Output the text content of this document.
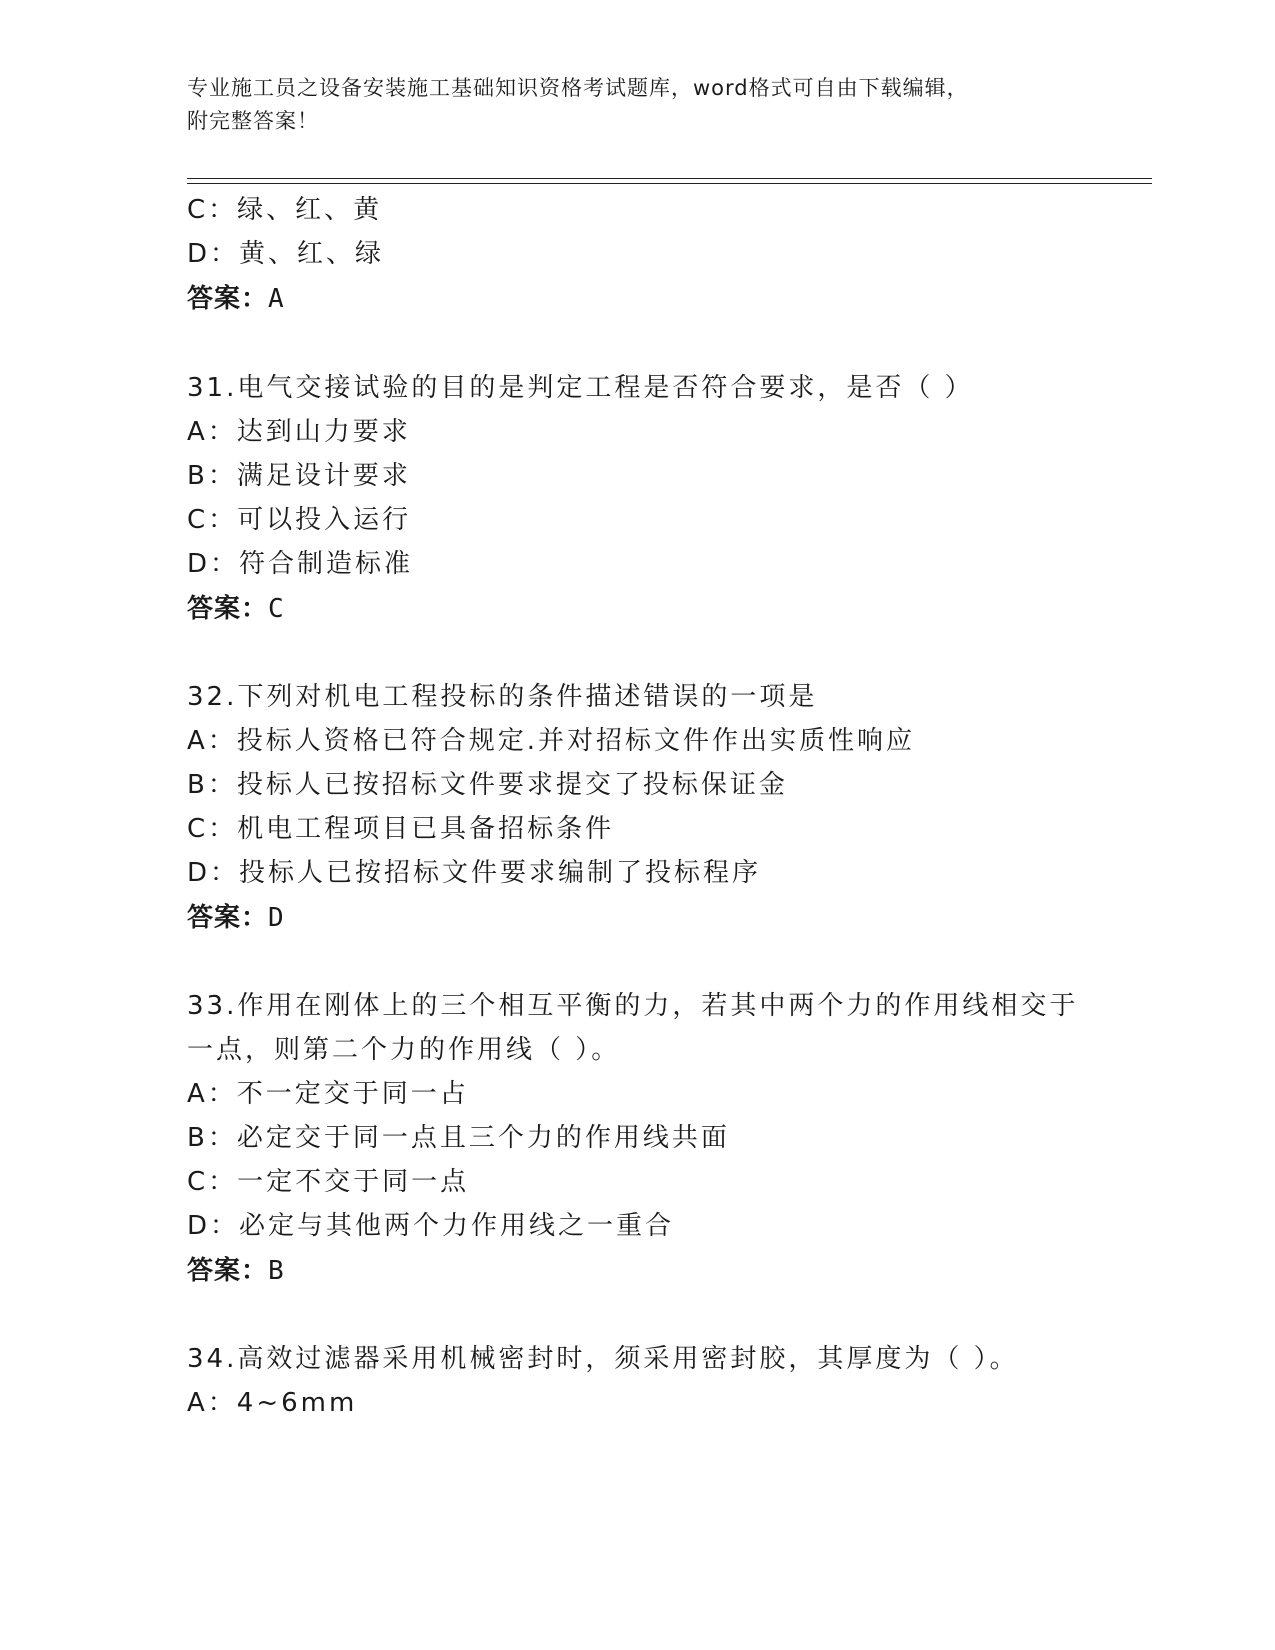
专业施工员之设备安装施工基础知识资格考试题库，word格式可自由下载编辑，
附完整答案！
C：绿、红、黄
D：黄、红、绿
答案：A
31.电气交接试验的目的是判定工程是否符合要求，是否（ ）
A：达到山力要求
B：满足设计要求
C：可以投入运行
D：符合制造标准
答案：C
32.下列对机电工程投标的条件描述错误的一项是
A：投标人资格已符合规定.并对招标文件作出实质性响应
B：投标人已按招标文件要求提交了投标保证金
C：机电工程项目已具备招标条件
D：投标人已按招标文件要求编制了投标程序
答案：D
33.作用在刚体上的三个相互平衡的力，若其中两个力的作用线相交于
一点，则第二个力的作用线（ ）。
A：不一定交于同一占
B：必定交于同一点且三个力的作用线共面
C：一定不交于同一点
D：必定与其他两个力作用线之一重合
答案：B
34.高效过滤器采用机械密封时，须采用密封胶，其厚度为（ ）。
A：4~6mm
